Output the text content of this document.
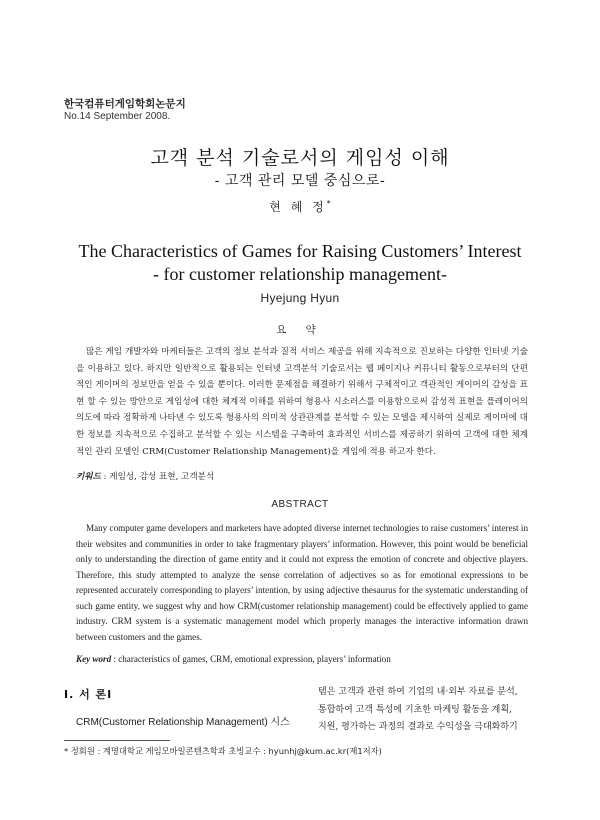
한국컴퓨터게임학회논문지
No.14 September 2008.
고객 분석 기술로서의 게임성 이해
- 고객 관리 모델 중심으로-
현 혜 정*
The Characteristics of Games for Raising Customers’ Interest
- for customer relationship management-
Hyejung Hyun
요 약

많은 게임 개발자와 마케터들은 고객의 정보 분석과 질적 서비스 제공을 위해 지속적으로 진보하는 다양한 인터넷 기술을 이용하고 있다. 하지만 일반적으로 활용되는 인터넷 고객분석 기술로서는 웹 페이지나 커뮤니티 활동으로부터의 단편적인 게이머의 정보만을 얻을 수 있을 뿐이다. 이러한 문제점을 해결하기 위해서 구체적이고 객관적인 게이머의 감성을 표현 할 수 있는 방안으로 게임성에 대한 체계적 이해를 위하여 형용사 시소러스를 이용함으로써 감성적 표현을 플레이어의 의도에 따라 정확하게 나타낸 수 있도록 형용사의 의미적 상관관계를 분석할 수 있는 모델을 제시하여 실제로 게이머에 대한 정보를 지속적으로 수집하고 분석할 수 있는 시스템을 구축하여 효과적인 서비스를 제공하기 위하여 고객에 대한 체계적인 관리 모델인 CRM(Customer Relationship Management)을 게임에 적용 하고자 한다.

키워드 : 게임성, 감성 표현, 고객분석
ABSTRACT

Many computer game developers and marketers have adopted diverse internet technologies to raise customers’ interest in their websites and communities in order to take fragmentary players’ information. However, this point would be beneficial only to understanding the direction of game entity and it could not express the emotion of concrete and objective players. Therefore, this study attempted to analyze the sense correlation of adjectives so as for emotional expressions to be represented accurately corresponding to players’ intention, by using adjective thesaurus for the systematic understanding of such game entity. we suggest why and how CRM(customer relationship management) could be effectively applied to game industry. CRM system is a systematic management model which properly manages the interactive information drawn between customers and the games.

Key word : characteristics of games, CRM, emotional expression, players’ information
Ⅰ. 서 론Ⅰ
CRM(Customer Relationship Management) 시스
템은 고객과 관련 하여 기업의 내·외부 자료를 분석,
통합하여 고객 특성에 기초한 마케팅 활동을 계획,
지원, 평가하는 과정의 결과로 수익성을 극대화하기
* 정회원 : 계명대학교 게임모바일콘텐츠학과 초빙교수 : hyunhj@kum.ac.kr(제1저자)
